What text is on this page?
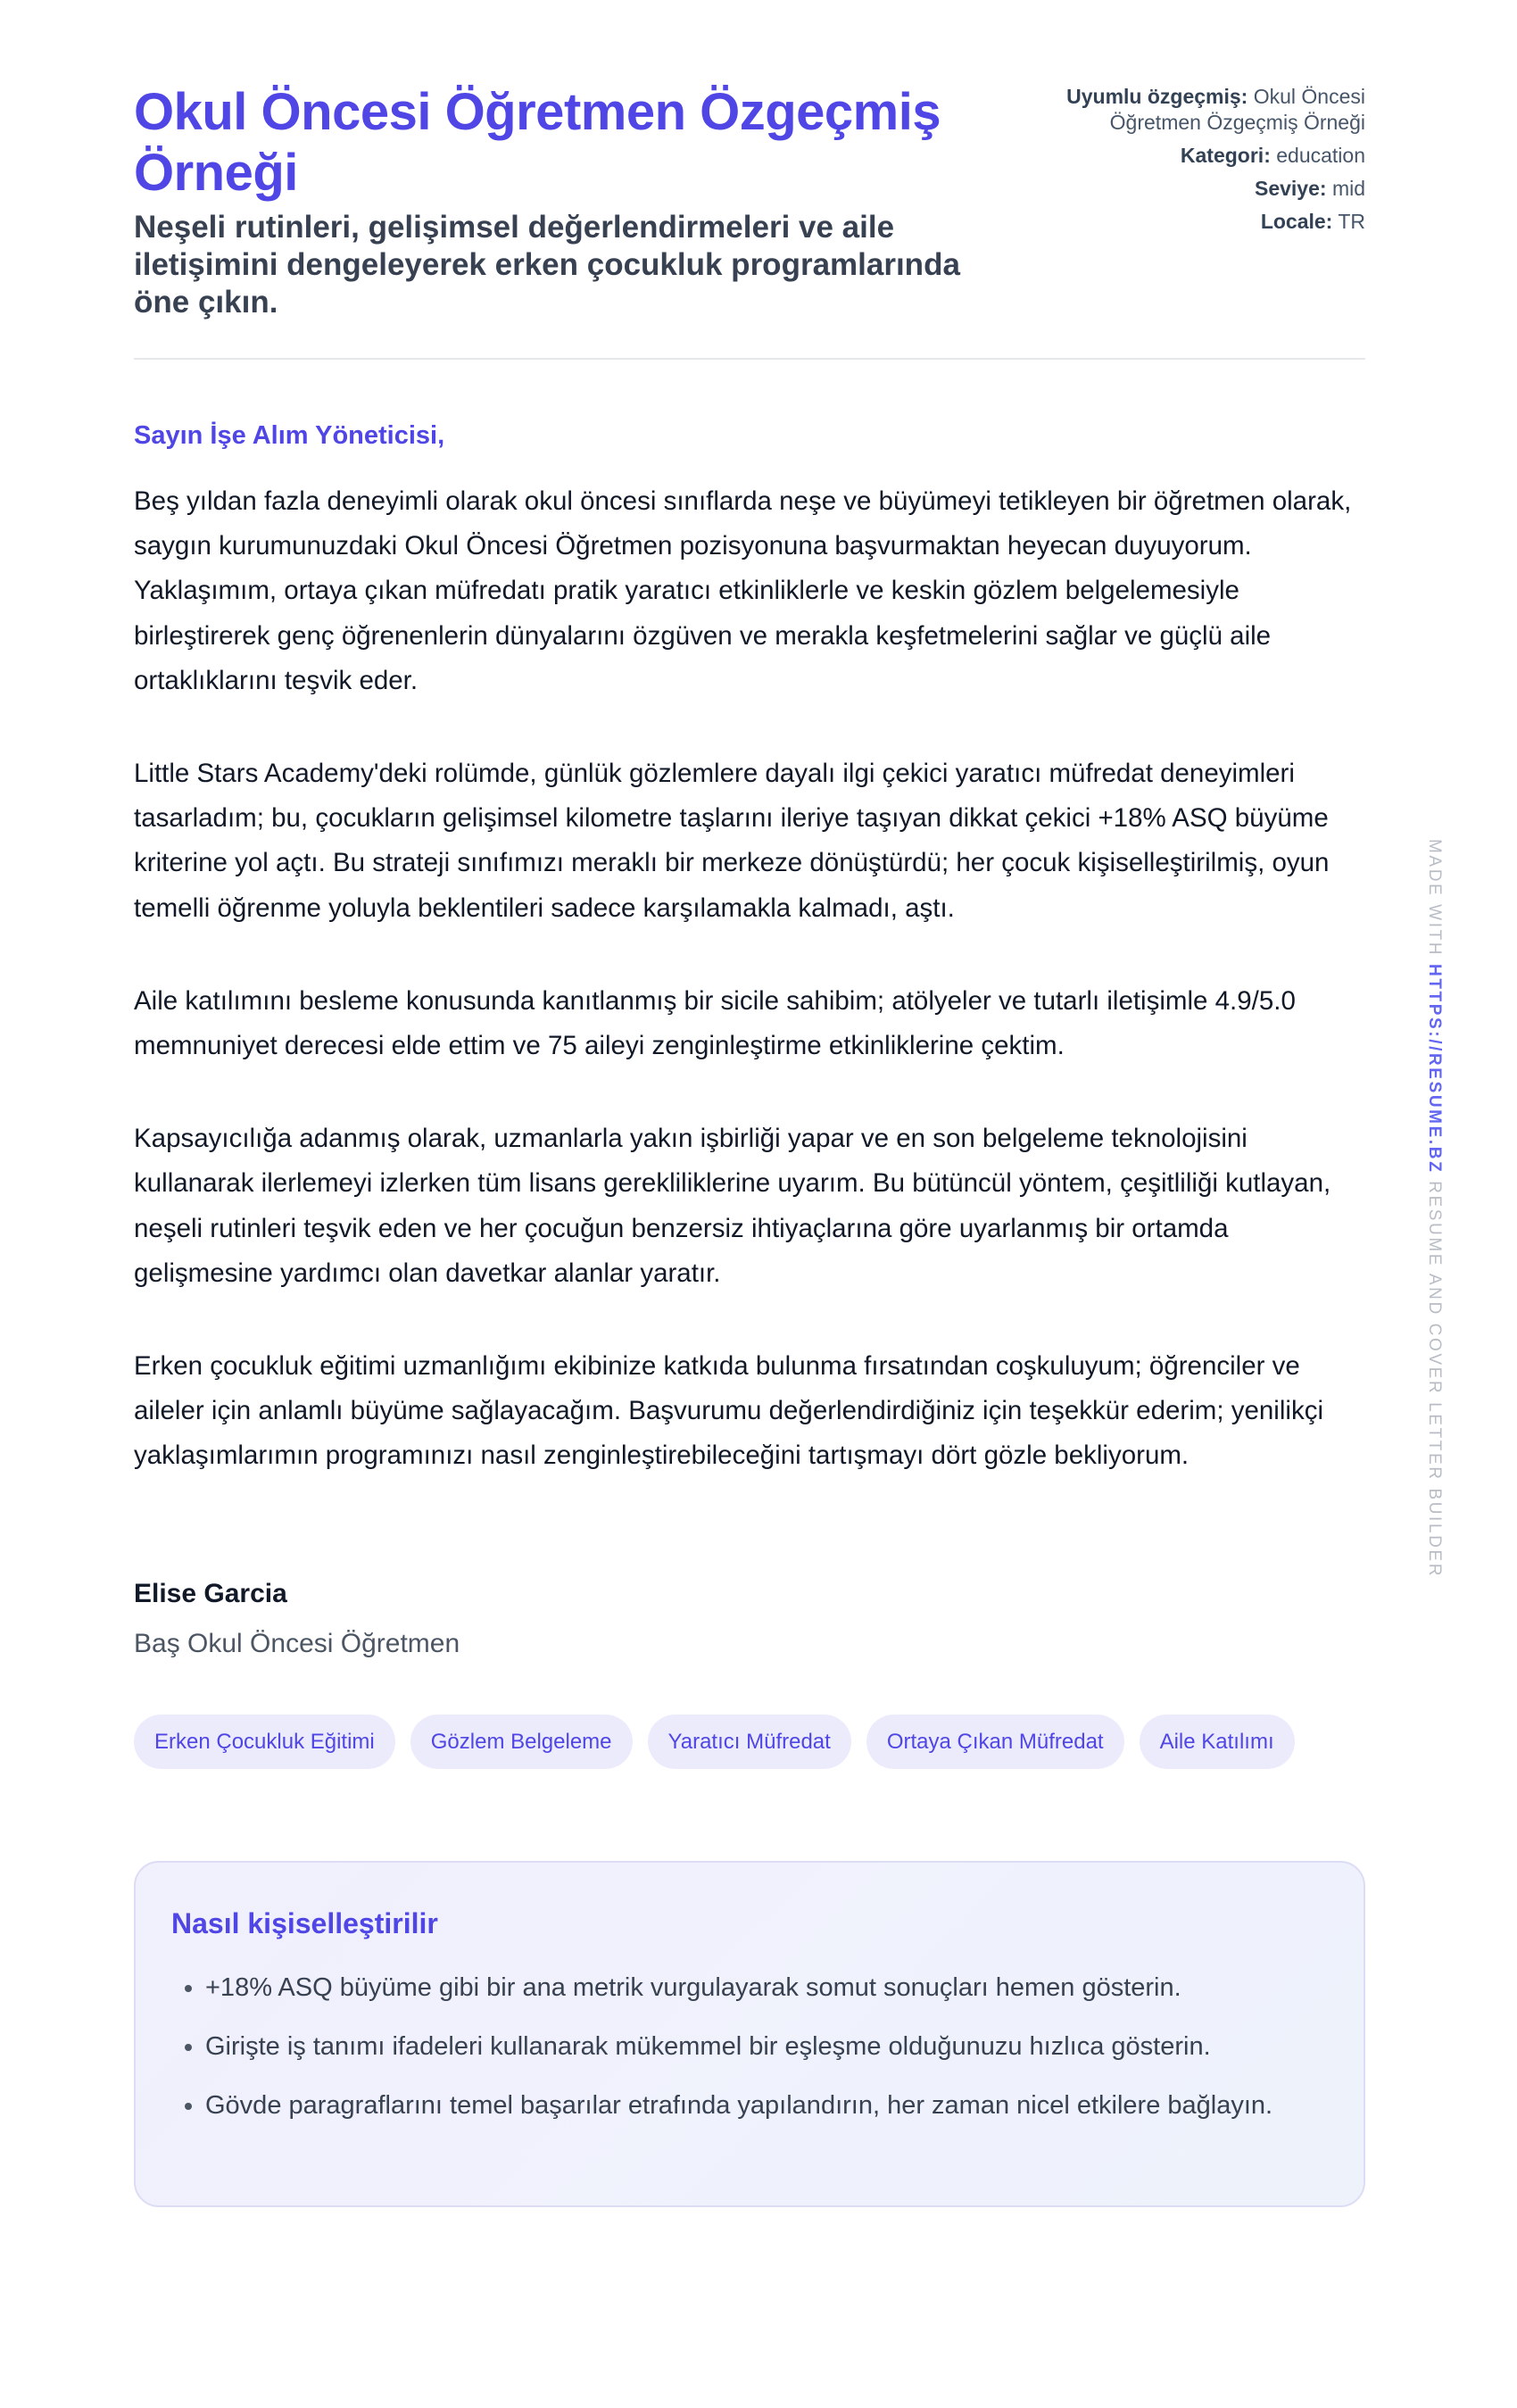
Okul Öncesi Öğretmen Özgeçmiş Örneği
Neşeli rutinleri, gelişimsel değerlendirmeleri ve aile iletişimini dengeleyerek erken çocukluk programlarında öne çıkın.
Uyumlu özgeçmiş: Okul Öncesi Öğretmen Özgeçmiş Örneği
Kategori: education
Seviye: mid
Locale: TR
Sayın İşe Alım Yöneticisi,

Beş yıldan fazla deneyimli olarak okul öncesi sınıflarda neşe ve büyümeyi tetikleyen bir öğretmen olarak, saygın kurumunuzdaki Okul Öncesi Öğretmen pozisyonuna başvurmaktan heyecan duyuyorum. Yaklaşımım, ortaya çıkan müfredatı pratik yaratıcı etkinliklerle ve keskin gözlem belgelemesiyle birleştirerek genç öğrenenlerin dünyalarını özgüven ve merakla keşfetmelerini sağlar ve güçlü aile ortaklıklarını teşvik eder.

Little Stars Academy'deki rolümde, günlük gözlemlere dayalı ilgi çekici yaratıcı müfredat deneyimleri tasarladım; bu, çocukların gelişimsel kilometre taşlarını ileriye taşıyan dikkat çekici +18% ASQ büyüme kriterine yol açtı. Bu strateji sınıfımızı meraklı bir merkeze dönüştürdü; her çocuk kişiselleştirilmiş, oyun temelli öğrenme yoluyla beklentileri sadece karşılamakla kalmadı, aştı.

Aile katılımını besleme konusunda kanıtlanmış bir sicile sahibim; atölyeler ve tutarlı iletişimle 4.9/5.0 memnuniyet derecesi elde ettim ve 75 aileyi zenginleştirme etkinliklerine çektim.

Kapsayıcılığa adanmış olarak, uzmanlarla yakın işbirliği yapar ve en son belgeleme teknolojisini kullanarak ilerlemeyi izlerken tüm lisans gerekliliklerine uyarım. Bu bütüncül yöntem, çeşitliliği kutlayan, neşeli rutinleri teşvik eden ve her çocuğun benzersiz ihtiyaçlarına göre uyarlanmış bir ortamda gelişmesine yardımcı olan davetkar alanlar yaratır.

Erken çocukluk eğitimi uzmanlığımı ekibinize katkıda bulunma fırsatından coşkuluyum; öğrenciler ve aileler için anlamlı büyüme sağlayacağım. Başvurumu değerlendirdiğiniz için teşekkür ederim; yenilikçi yaklaşımlarımın programınızı nasıl zenginleştirebileceğini tartışmayı dört gözle bekliyorum.

Elise Garcia
Baş Okul Öncesi Öğretmen
Erken Çocukluk Eğitimi	Gözlem Belgeleme	Yaratıcı Müfredat	Ortaya Çıkan Müfredat	Aile Katılımı
Nasıl kişiselleştirilir
• +18% ASQ büyüme gibi bir ana metrik vurgulayarak somut sonuçları hemen gösterin.
• Girişte iş tanımı ifadeleri kullanarak mükemmel bir eşleşme olduğunuzu hızlıca gösterin.
• Gövde paragraflarını temel başarılar etrafında yapılandırın, her zaman nicel etkilere bağlayın.
MADE WITH HTTPS://RESUME.BZ RESUME AND COVER LETTER BUILDER
